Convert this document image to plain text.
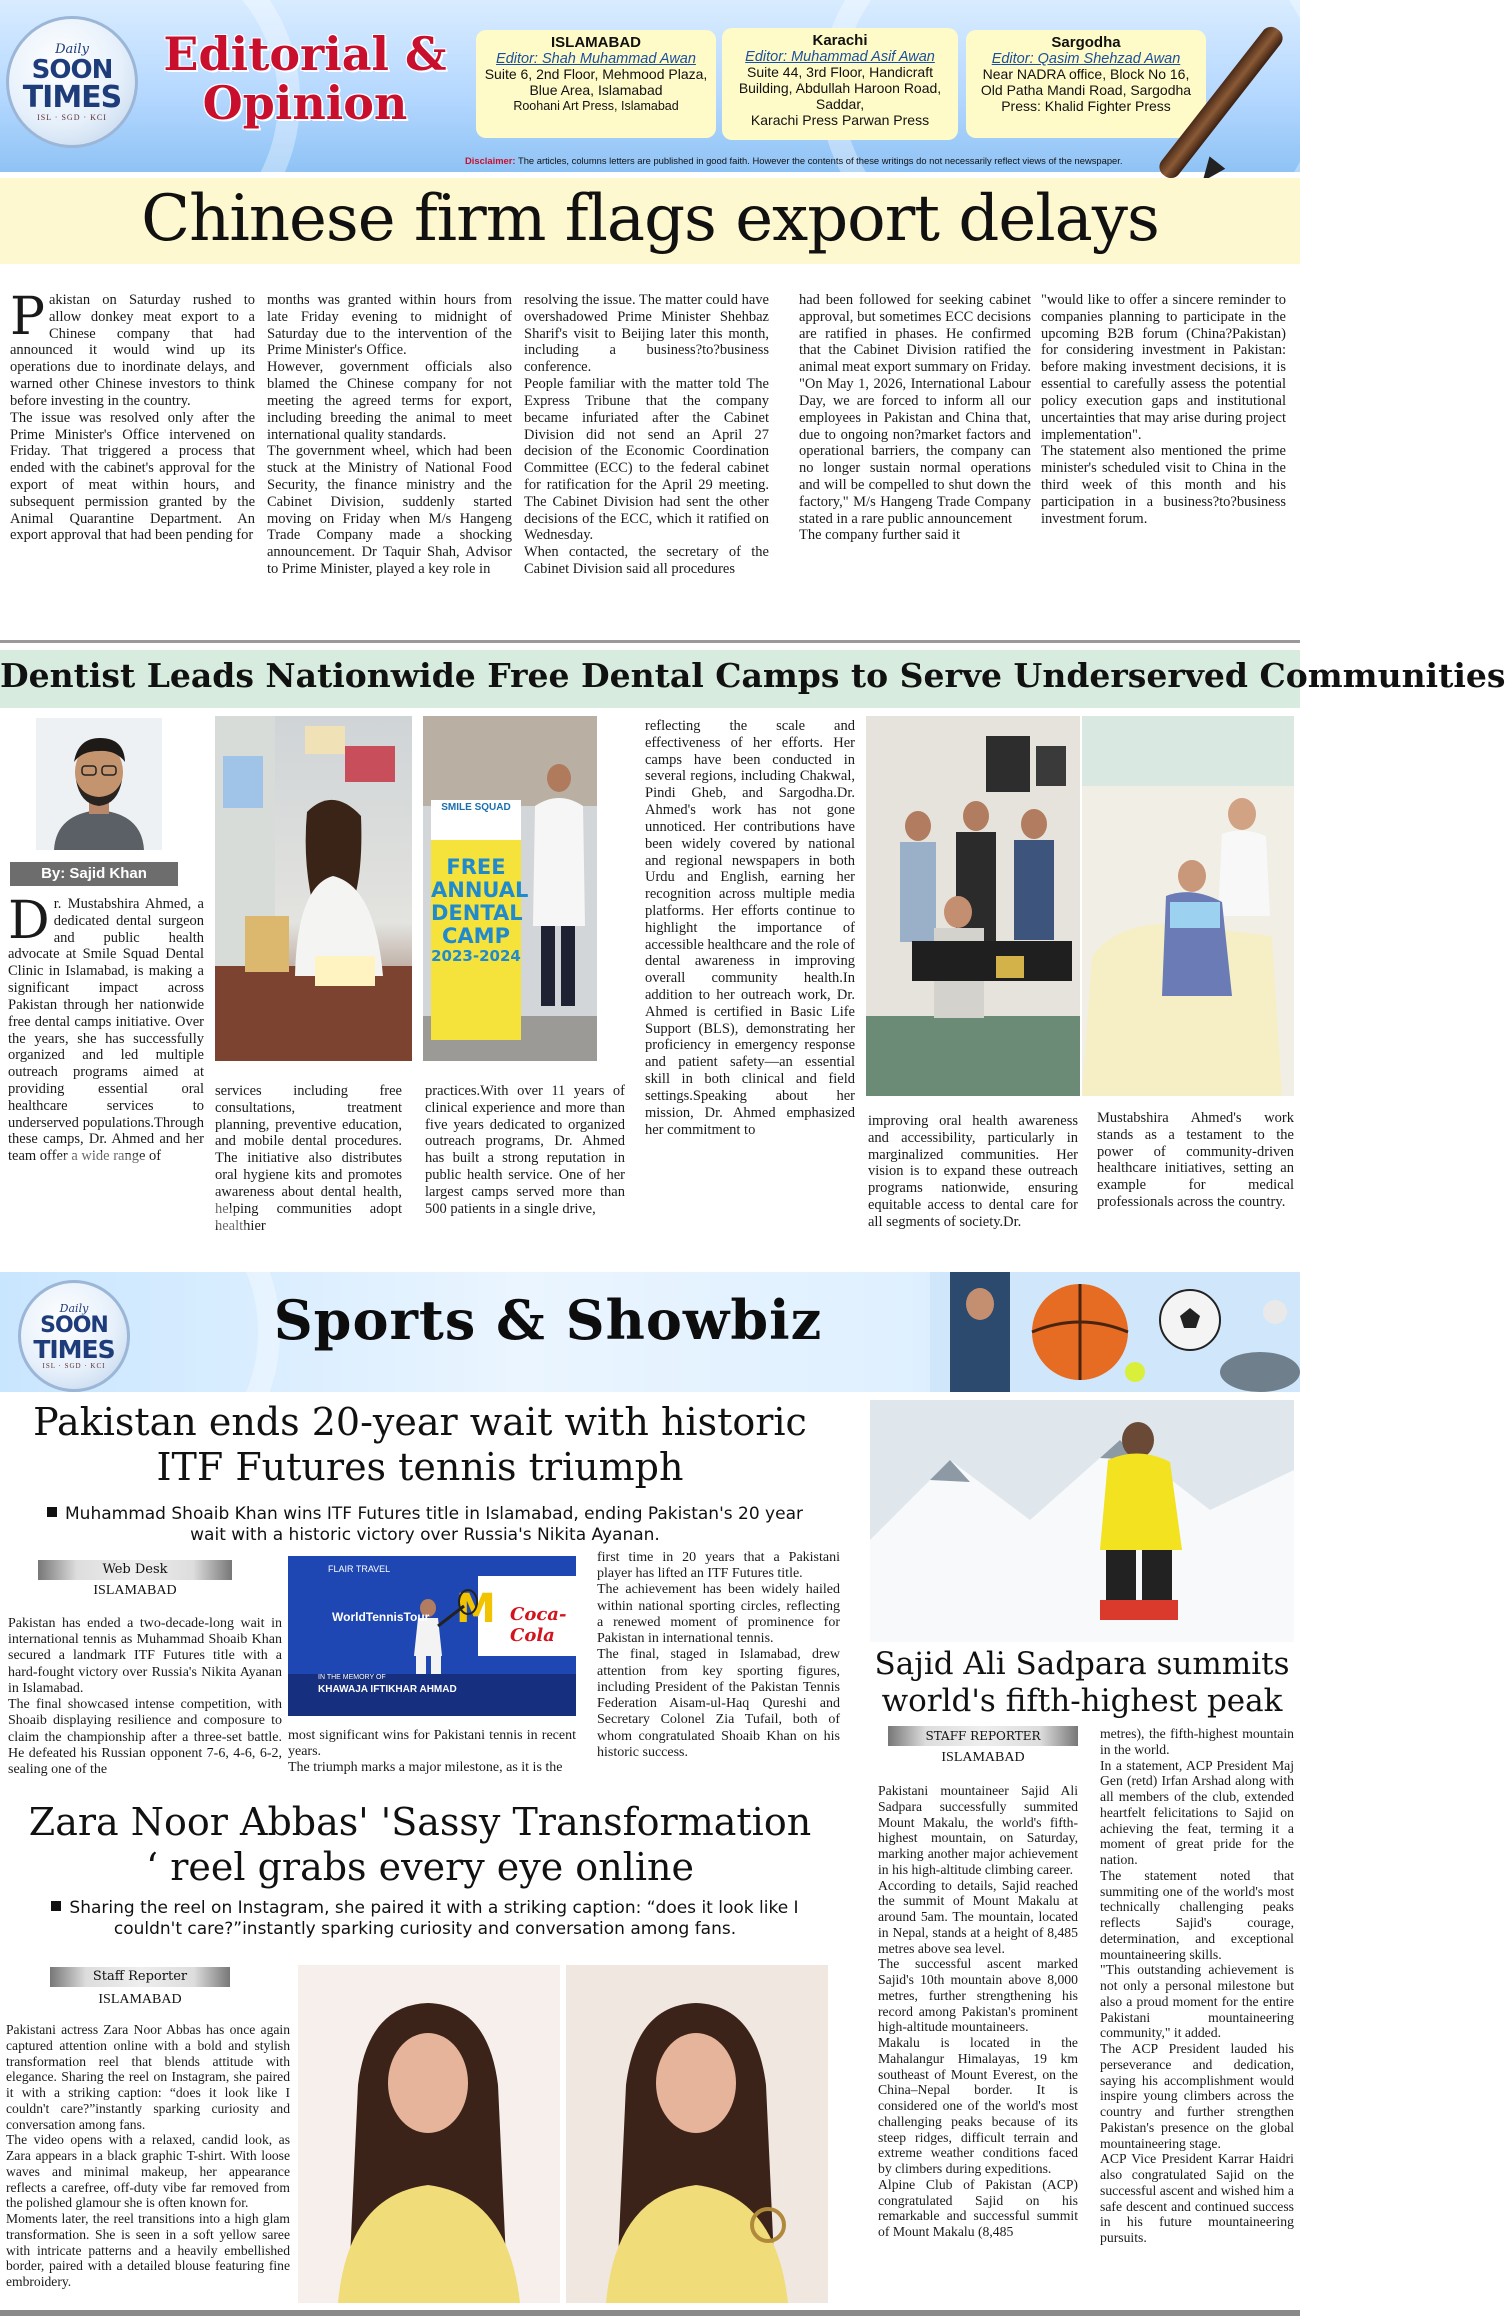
Daily
SOON
TIMES
ISL · SGD · KCI
Editorial &
Opinion
ISLAMABAD
Editor: Shah Muhammad Awan
Suite 6, 2nd Floor, Mehmood Plaza, Blue Area, Islamabad
Roohani Art Press, Islamabad
Karachi
Editor: Muhammad Asif Awan
Suite 44, 3rd Floor, Handicraft Building, Abdullah Haroon Road, Saddar,
Karachi Press Parwan Press
Sargodha
Editor: Qasim Shehzad Awan
Near NADRA office, Block No 16, Old Patha Mandi Road, Sargodha
Press: Khalid Fighter Press
Disclaimer: The articles, columns letters are published in good faith. However the contents of these writings do not necessarily reflect views of the newspaper.
Chinese firm flags export delays
Pakistan on Saturday rushed to allow donkey meat export to a Chinese company that had announced it would wind up its operations due to inordinate delays, and warned other Chinese investors to think before investing in the country.
The issue was resolved only after the Prime Minister's Office intervened on Friday. That triggered a process that ended with the cabinet's approval for the export of meat within hours, and subsequent permission granted by the Animal Quarantine Department. An export approval that had been pending for
months was granted within hours from late Friday evening to midnight of Saturday due to the intervention of the Prime Minister's Office.
However, government officials also blamed the Chinese company for not meeting the agreed terms for export, including breeding the animal to meet international quality standards.
The government wheel, which had been stuck at the Ministry of National Food Security, the finance ministry and the Cabinet Division, suddenly started moving on Friday when M/s Hangeng Trade Company made a shocking announcement. Dr Taquir Shah, Advisor to Prime Minister, played a key role in
resolving the issue. The matter could have overshadowed Prime Minister Shehbaz Sharif's visit to Beijing later this month, including a business?to?business conference.
People familiar with the matter told The Express Tribune that the company became infuriated after the Cabinet Division did not send an April 27 decision of the Economic Coordination Committee (ECC) to the federal cabinet for ratification for the April 29 meeting. The Cabinet Division had sent the other decisions of the ECC, which it ratified on Wednesday.
When contacted, the secretary of the Cabinet Division said all procedures
had been followed for seeking cabinet approval, but sometimes ECC decisions are ratified in phases. He confirmed that the Cabinet Division ratified the animal meat export summary on Friday. "On May 1, 2026, International Labour Day, we are forced to inform all our employees in Pakistan and China that, due to ongoing non?market factors and operational barriers, the company can no longer sustain normal operations and will be compelled to shut down the factory," M/s Hangeng Trade Company stated in a rare public announcement
The company further said it
"would like to offer a sincere reminder to companies planning to participate in the upcoming B2B forum (China?Pakistan) for considering investment in Pakistan: before making investment decisions, it is essential to carefully assess the potential policy execution gaps and institutional uncertainties that may arise during project implementation".
The statement also mentioned the prime minister's scheduled visit to China in the third week of this month and his participation in a business?to?business investment forum.
Dentist Leads Nationwide Free Dental Camps to Serve Underserved Communities
By: Sajid Khan
Dr. Mustabshira Ahmed, a dedicated dental surgeon and public health advocate at Smile Squad Dental Clinic in Islamabad, is making a significant impact across Pakistan through her nationwide free dental camps initiative. Over the years, she has successfully organized and led multiple outreach programs aimed at providing essential oral healthcare services to underserved populations.Through these camps, Dr. Ahmed and her team offer a wide range of
services including free consultations, treatment planning, preventive education, and mobile dental procedures. The initiative also distributes oral hygiene kits and promotes awareness about dental health, helping communities adopt healthier
SMILE SQUAD
FREE
ANNUAL
DENTAL
CAMP
2023-2024
practices.With over 11 years of clinical experience and more than five years dedicated to organized outreach programs, Dr. Ahmed has built a strong reputation in public health service. One of her largest camps served more than 500 patients in a single drive,
reflecting the scale and effectiveness of her efforts. Her camps have been conducted in several regions, including Chakwal, Pindi Gheb, and Sargodha.Dr. Ahmed's work has not gone unnoticed. Her contributions have been widely covered by national and regional newspapers in both Urdu and English, earning her recognition across multiple media platforms. Her efforts continue to highlight the importance of accessible healthcare and the role of dental awareness in improving overall community health.In addition to her outreach work, Dr. Ahmed is certified in Basic Life Support (BLS), demonstrating her proficiency in emergency response and patient safety—an essential skill in both clinical and field settings.Speaking about her mission, Dr. Ahmed emphasized her commitment to
improving oral health awareness and accessibility, particularly in marginalized communities. Her vision is to expand these outreach programs nationwide, ensuring equitable access to dental care for all segments of society.Dr.
Mustabshira Ahmed's work stands as a testament to the power of community-driven healthcare initiatives, setting an example for medical professionals across the country.
Daily
SOON
TIMES
ISL · SGD · KCI
Sports & Showbiz
Pakistan ends 20-year wait with historic
ITF Futures tennis triumph
Muhammad Shoaib Khan wins ITF Futures title in Islamabad, ending Pakistan's 20 year wait with a historic victory over Russia's Nikita Ayanan.
Web Desk
ISLAMABAD
Pakistan has ended a two-decade-long wait in international tennis as Muhammad Shoaib Khan secured a landmark ITF Futures title with a hard-fought victory over Russia's Nikita Ayanan in Islamabad.
The final showcased intense competition, with Shoaib displaying resilience and composure to claim the championship after a three-set battle. He defeated his Russian opponent 7-6, 4-6, 6-2, sealing one of the
M
FLAIR TRAVEL
WorldTennisTour
IN THE MEMORY OF
KHAWAJA IFTIKHAR AHMAD
Coca-Cola
most significant wins for Pakistani tennis in recent years.
The triumph marks a major milestone, as it is the
first time in 20 years that a Pakistani player has lifted an ITF Futures title.
The achievement has been widely hailed within national sporting circles, reflecting a renewed moment of prominence for Pakistan in international tennis.
The final, staged in Islamabad, drew attention from key sporting figures, including President of the Pakistan Tennis Federation Aisam-ul-Haq Qureshi and Secretary Colonel Zia Tufail, both of whom congratulated Shoaib Khan on his historic success.
Zara Noor Abbas' 'Sassy Transformation
‘ reel grabs every eye online
Sharing the reel on Instagram, she paired it with a striking caption: “does it look like I couldn't care?”instantly sparking curiosity and conversation among fans.
Staff Reporter
ISLAMABAD
Pakistani actress Zara Noor Abbas has once again captured attention online with a bold and stylish transformation reel that blends attitude with elegance. Sharing the reel on Instagram, she paired it with a striking caption: “does it look like I couldn't care?”instantly sparking curiosity and conversation among fans.
The video opens with a relaxed, candid look, as Zara appears in a black graphic T-shirt. With loose waves and minimal makeup, her appearance reflects a carefree, off-duty vibe far removed from the polished glamour she is often known for.
Moments later, the reel transitions into a high glam transformation. She is seen in a soft yellow saree with intricate patterns and a heavily embellished border, paired with a detailed blouse featuring fine embroidery.
Sajid Ali Sadpara summits
world's fifth-highest peak
STAFF REPORTER
ISLAMABAD
Pakistani mountaineer Sajid Ali Sadpara successfully summited Mount Makalu, the world's fifth-highest mountain, on Saturday, marking another major achievement in his high-altitude climbing career.
According to details, Sajid reached the summit of Mount Makalu at around 5am. The mountain, located in Nepal, stands at a height of 8,485 metres above sea level.
The successful ascent marked Sajid's 10th mountain above 8,000 metres, further strengthening his record among Pakistan's prominent high-altitude mountaineers.
Makalu is located in the Mahalangur Himalayas, 19 km southeast of Mount Everest, on the China–Nepal border. It is considered one of the world's most challenging peaks because of its steep ridges, difficult terrain and extreme weather conditions faced by climbers during expeditions.
Alpine Club of Pakistan (ACP) congratulated Sajid on his remarkable and successful summit of Mount Makalu (8,485
metres), the fifth-highest mountain in the world.
In a statement, ACP President Maj Gen (retd) Irfan Arshad along with all members of the club, extended heartfelt felicitations to Sajid on achieving the feat, terming it a moment of great pride for the nation.
The statement noted that summiting one of the world's most technically challenging peaks reflects Sajid's courage, determination, and exceptional mountaineering skills.
"This outstanding achievement is not only a personal milestone but also a proud moment for the entire Pakistani mountaineering community," it added.
The ACP President lauded his perseverance and dedication, saying his accomplishment would inspire young climbers across the country and further strengthen Pakistan's presence on the global mountaineering stage.
ACP Vice President Karrar Haidri also congratulated Sajid on the successful ascent and wished him a safe descent and continued success in his future mountaineering pursuits.
